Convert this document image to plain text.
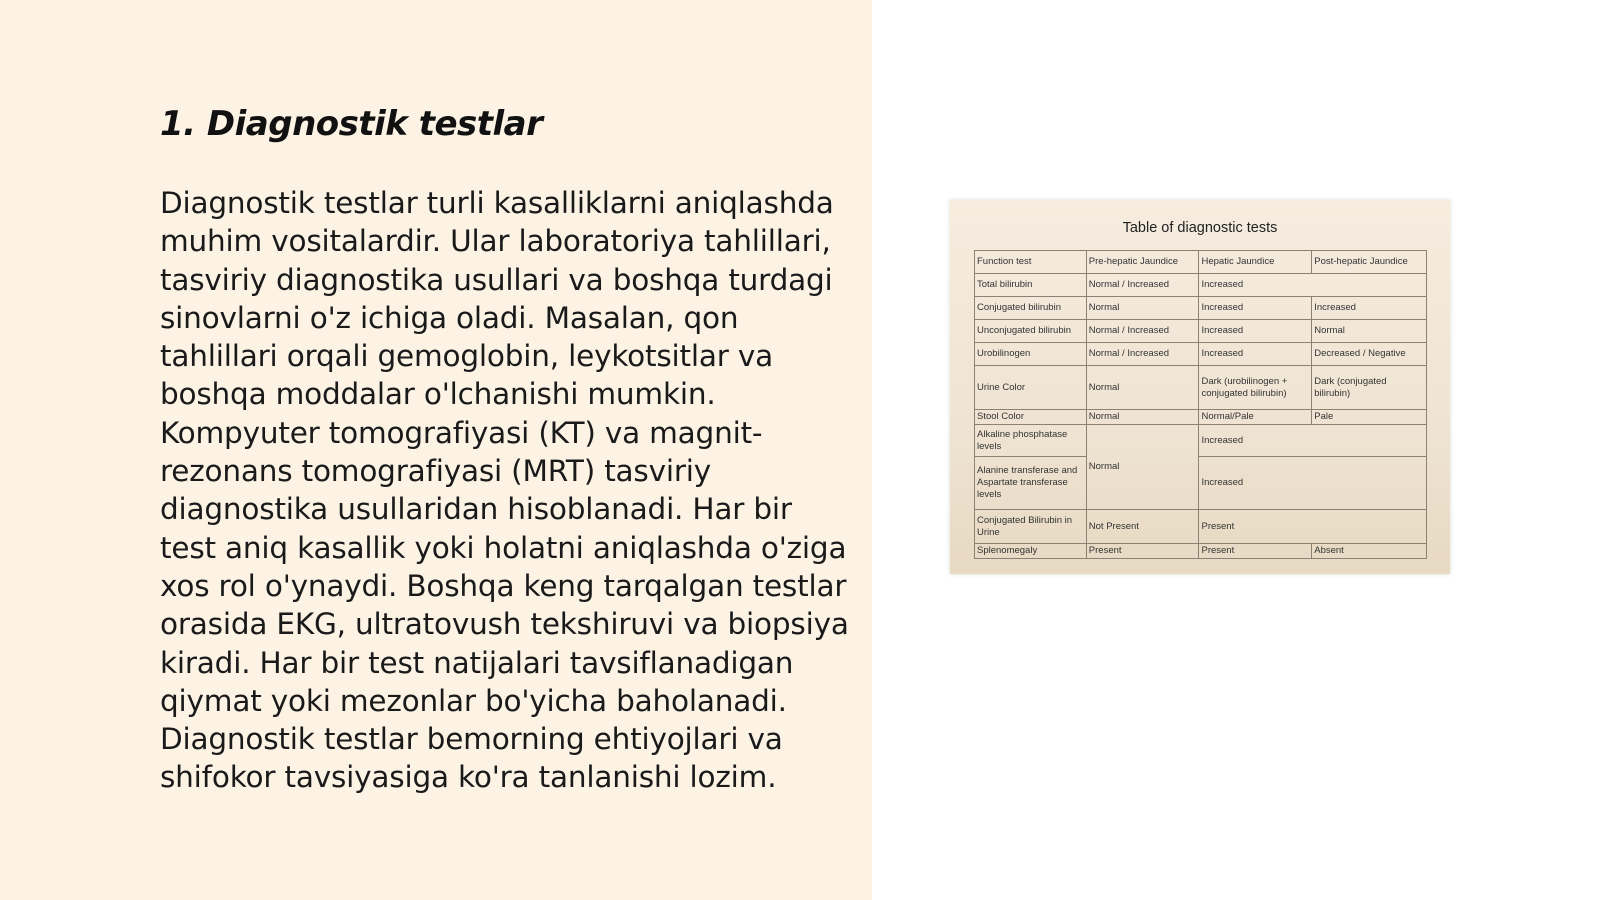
1. Diagnostik testlar

Diagnostik testlar turli kasalliklarni aniqlashda muhim vositalardir. Ular laboratoriya tahlillari, tasviriy diagnostika usullari va boshqa turdagi sinovlarni o'z ichiga oladi. Masalan, qon tahlillari orqali gemoglobin, leykotsitlar va boshqa moddalar o'lchanishi mumkin. Kompyuter tomografiyasi (KT) va magnit-rezonans tomografiyasi (MRT) tasviriy diagnostika usullaridan hisoblanadi. Har bir test aniq kasallik yoki holatni aniqlashda o'ziga xos rol o'ynaydi. Boshqa keng tarqalgan testlar orasida EKG, ultratovush tekshiruvi va biopsiya kiradi. Har bir test natijalari tavsiflanadigan qiymat yoki mezonlar bo'yicha baholanadi. Diagnostik testlar bemorning ehtiyojlari va shifokor tavsiyasiga ko'ra tanlanishi lozim.

Table of diagnostic tests
Function test	Pre-hepatic Jaundice	Hepatic Jaundice	Post-hepatic Jaundice
Total bilirubin	Normal / Increased	Increased	
Conjugated bilirubin	Normal	Increased	Increased
Unconjugated bilirubin	Normal / Increased	Increased	Normal
Urobilinogen	Normal / Increased	Increased	Decreased / Negative
Urine Color	Normal	Dark (urobilinogen + conjugated bilirubin)	Dark (conjugated bilirubin)
Stool Color	Normal	Normal/Pale	Pale
Alkaline phosphatase levels	Normal	Increased	
Alanine transferase and Aspartate transferase levels		Increased	
Conjugated Bilirubin in Urine	Not Present	Present	
Splenomegaly	Present	Present	Absent
